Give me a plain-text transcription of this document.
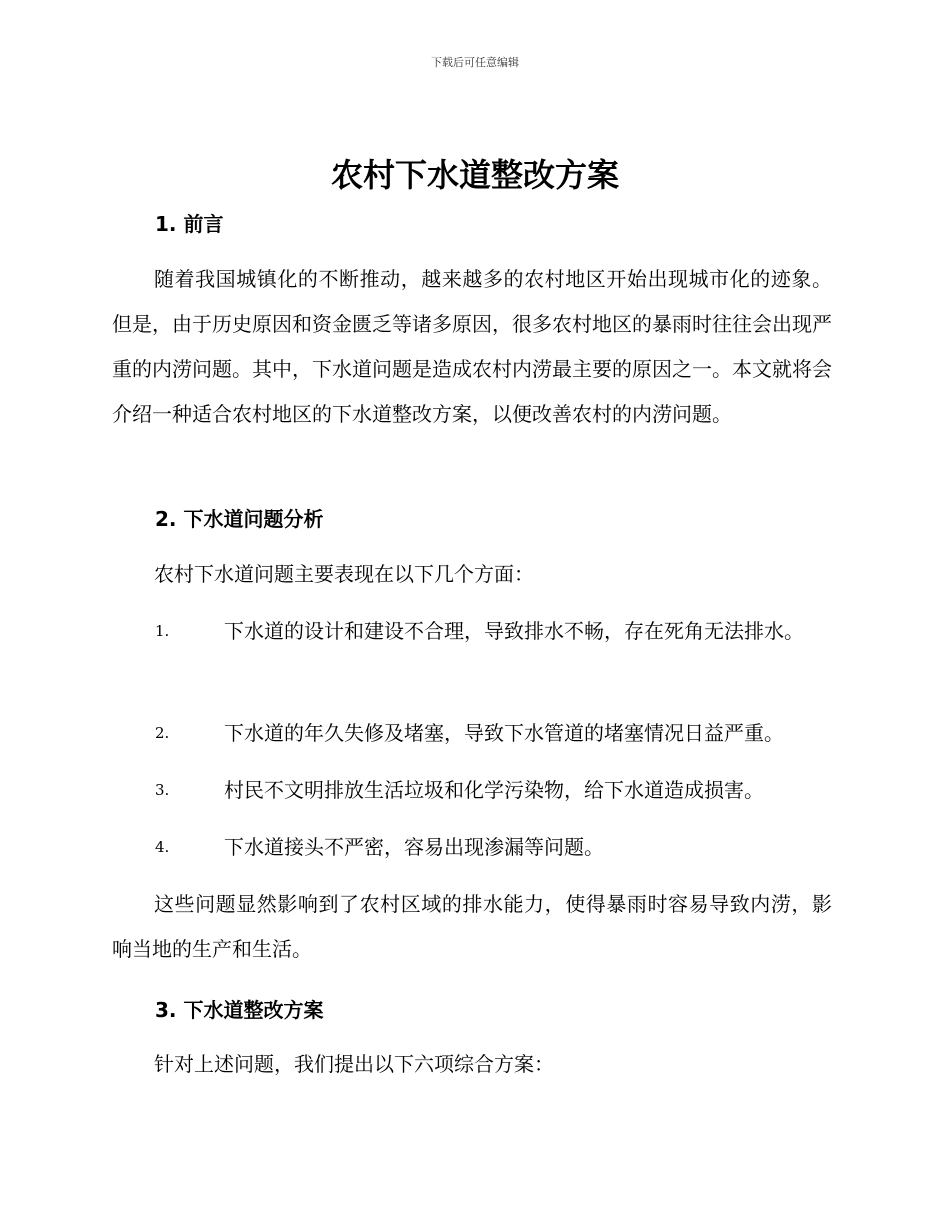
下载后可任意编辑
农村下水道整改方案
1. 前言

随着我国城镇化的不断推动，越来越多的农村地区开始出现城市化的迹象。但是，由于历史原因和资金匮乏等诸多原因，很多农村地区的暴雨时往往会出现严重的内涝问题。其中，下水道问题是造成农村内涝最主要的原因之一。本文就将会介绍一种适合农村地区的下水道整改方案，以便改善农村的内涝问题。

2. 下水道问题分析

农村下水道问题主要表现在以下几个方面：

1.	下水道的设计和建设不合理，导致排水不畅，存在死角无法排水。
2.	下水道的年久失修及堵塞，导致下水管道的堵塞情况日益严重。
3.	村民不文明排放生活垃圾和化学污染物，给下水道造成损害。
4.	下水道接头不严密，容易出现渗漏等问题。

这些问题显然影响到了农村区域的排水能力，使得暴雨时容易导致内涝，影响当地的生产和生活。

3. 下水道整改方案

针对上述问题，我们提出以下六项综合方案：
